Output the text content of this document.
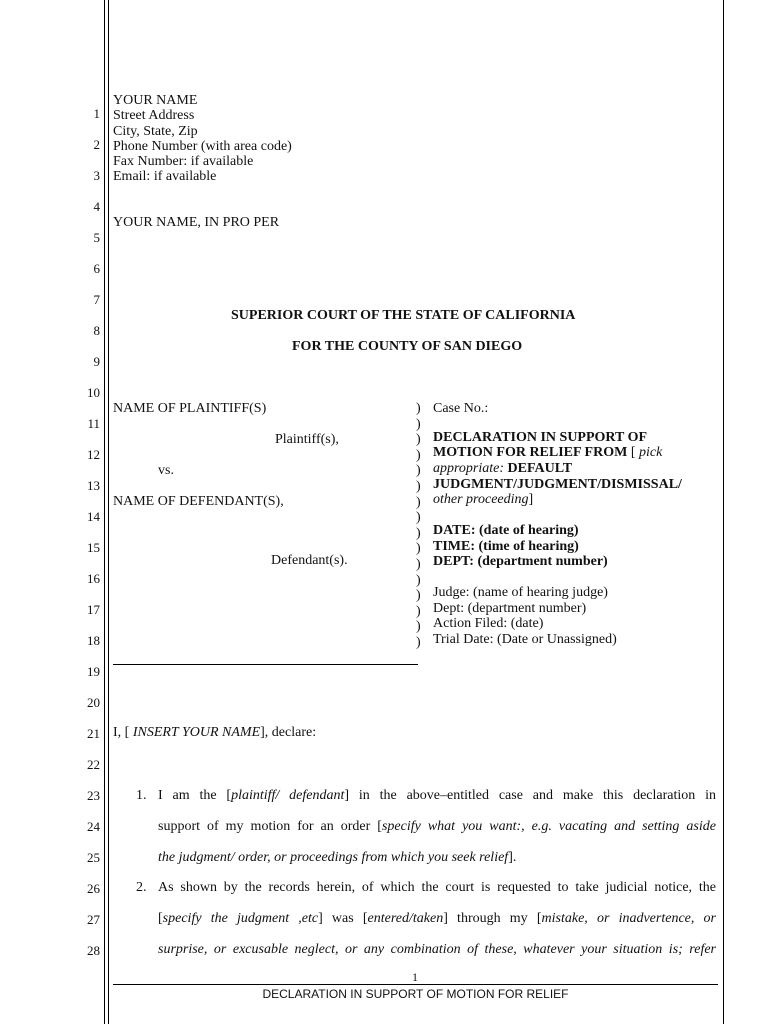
1
2
3
4
5
6
7
8
9
10
11
12
13
14
15
16
17
18
19
20
21
22
23
24
25
26
27
28
YOUR NAME
Street Address
City, State, Zip
Phone Number (with area code)
Fax Number: if available
Email: if available
YOUR NAME, IN PRO PER
SUPERIOR COURT OF THE STATE OF CALIFORNIA
FOR THE COUNTY OF SAN DIEGO
NAME OF PLAINTIFF(S)
Plaintiff(s),
vs.
NAME OF DEFENDANT(S),
Defendant(s).
)
)
)
)
)
)
)
)
)
)
)
)
)
)
)
)
Case No.:
DECLARATION IN SUPPORT OF
MOTION FOR RELIEF FROM [ pick
appropriate: DEFAULT
JUDGMENT/JUDGMENT/DISMISSAL/
other proceeding]
DATE: (date of hearing)
TIME: (time of hearing)
DEPT: (department number)
Judge: (name of hearing judge)
Dept: (department number)
Action Filed: (date)
Trial Date: (Date or Unassigned)
I, [ INSERT YOUR NAME], declare:
1. I am the [plaintiff/ defendant] in the above–entitled case and make this declaration in
support of my motion for an order [specify what you want:, e.g. vacating and setting aside
the judgment/ order, or proceedings from which you seek relief].
2. As shown by the records herein, of which the court is requested to take judicial notice, the
[specify the judgment ,etc] was [entered/taken] through my [mistake, or inadvertence, or
surprise, or excusable neglect, or any combination of these, whatever your situation is; refer
1
DECLARATION IN SUPPORT OF MOTION FOR RELIEF
